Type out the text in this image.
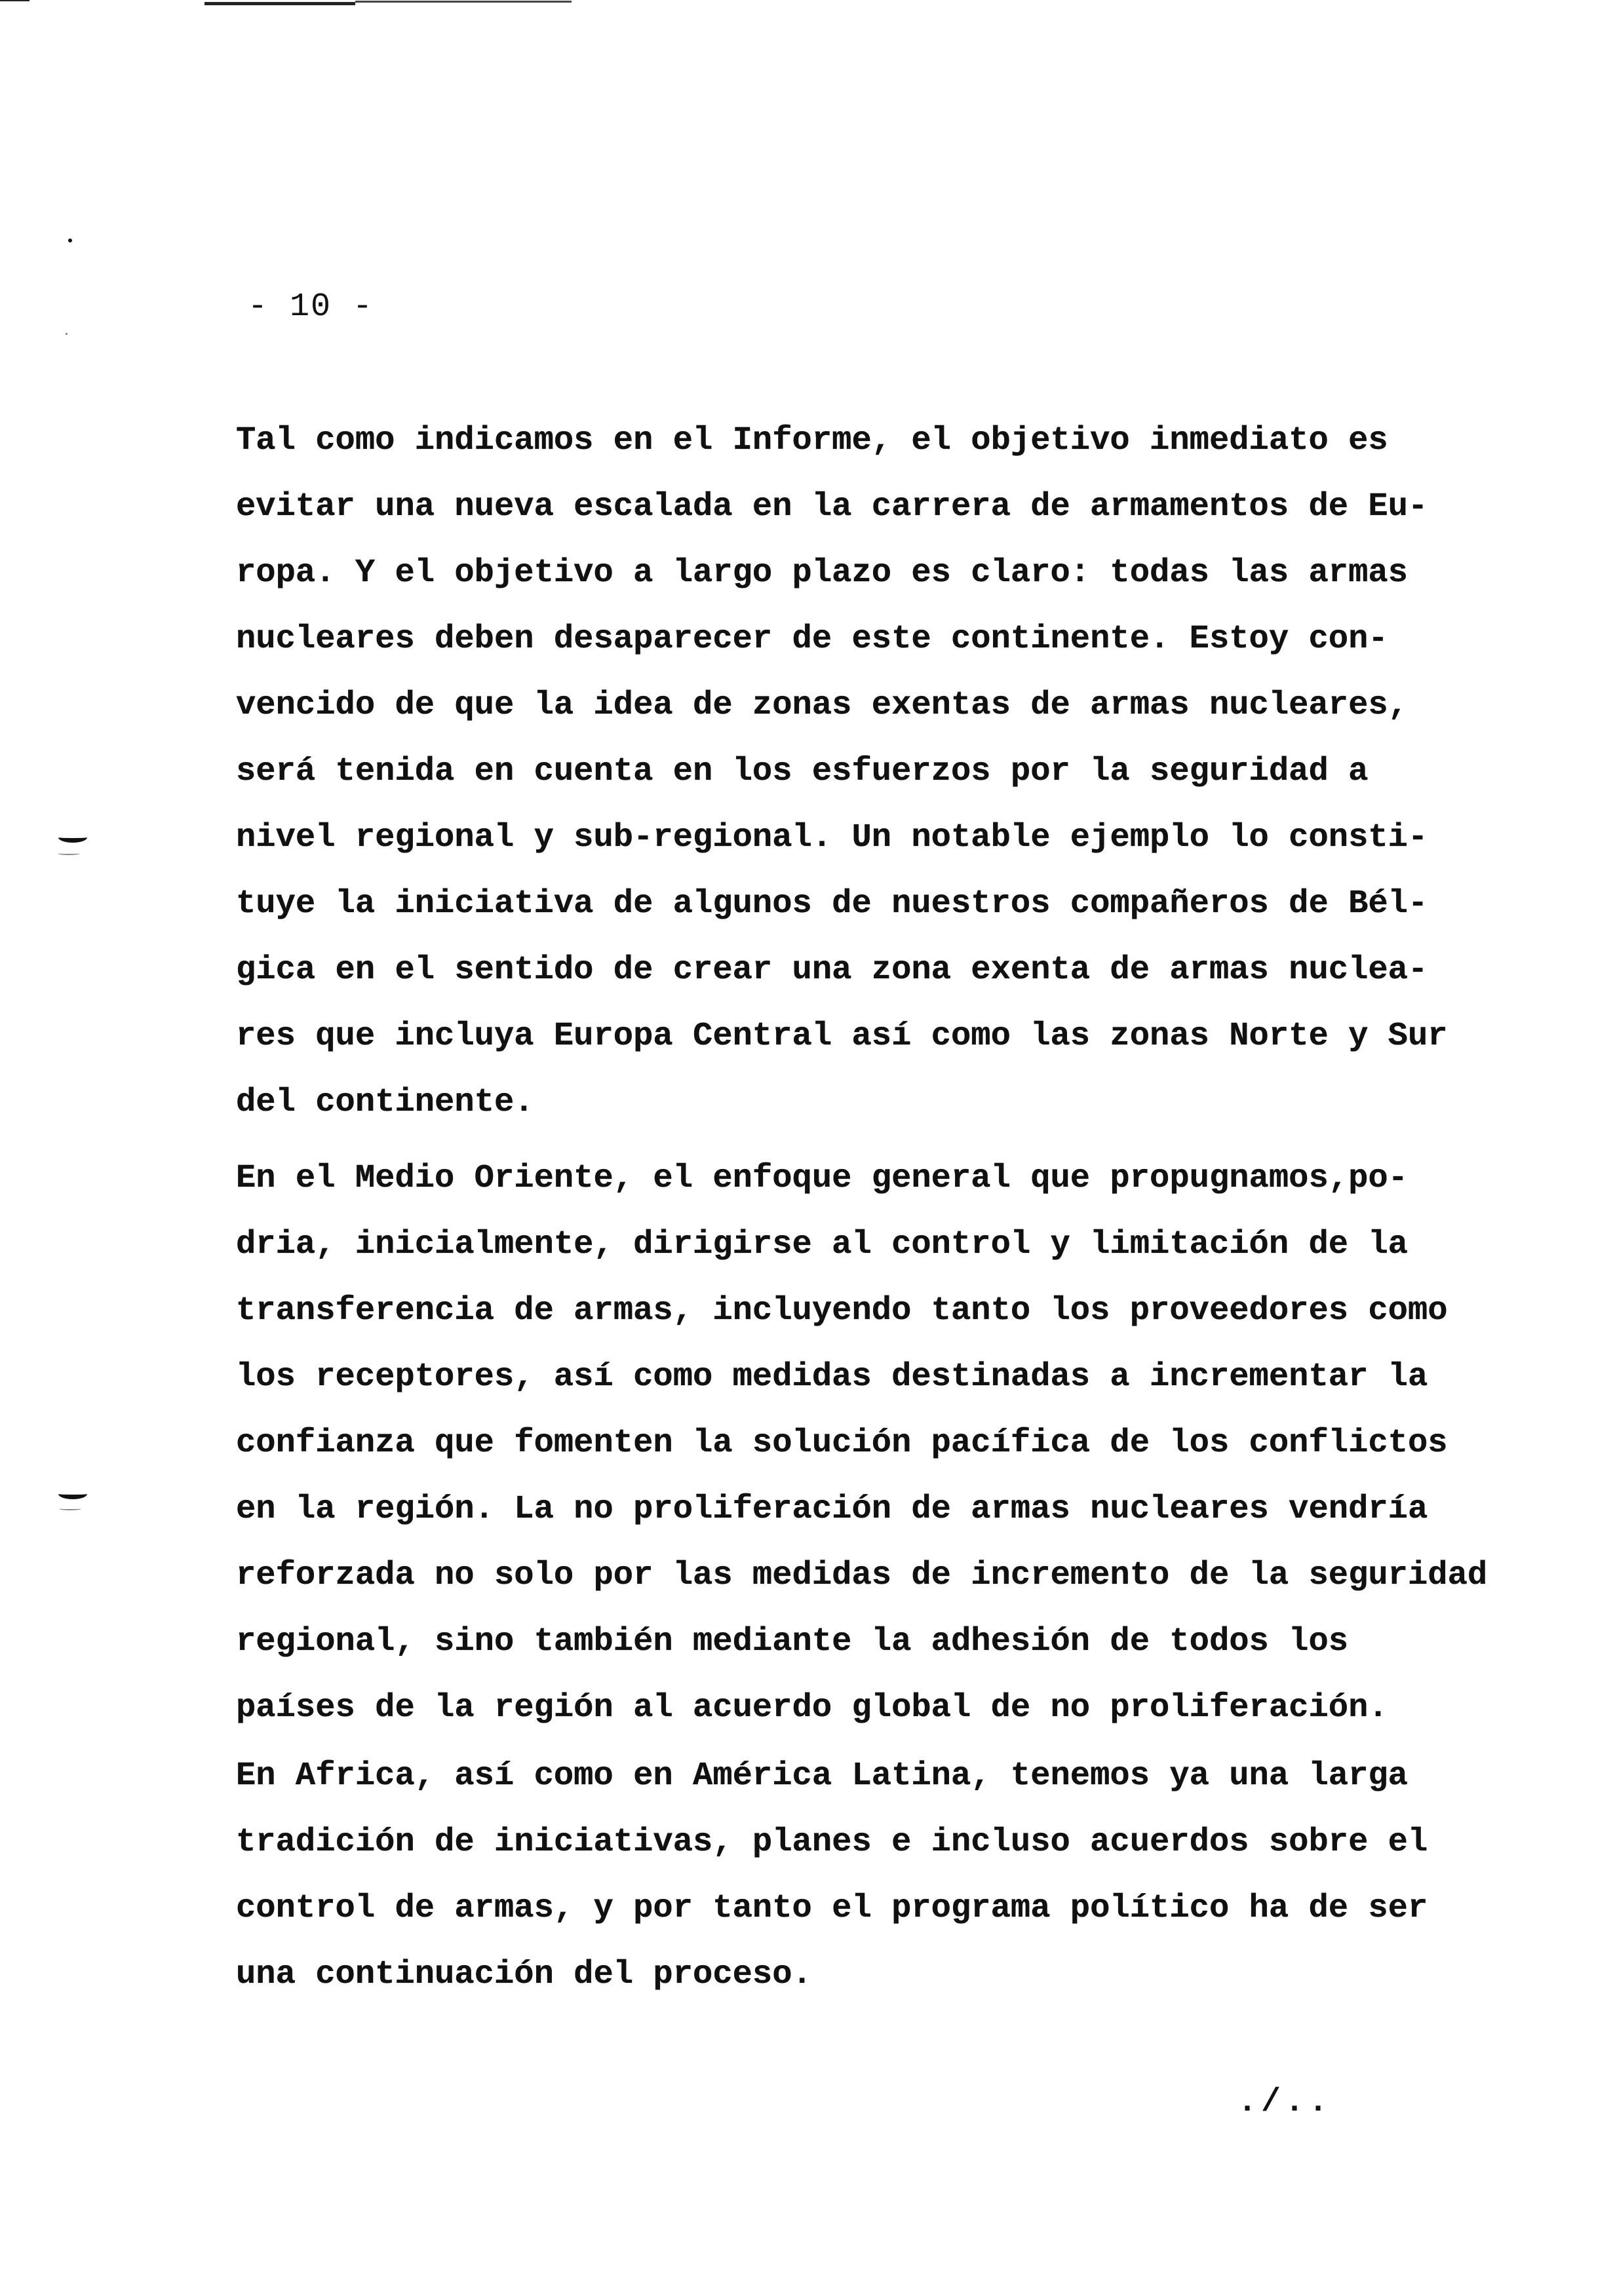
- 10 -
Tal como indicamos en el Informe, el objetivo inmediato es
evitar una nueva escalada en la carrera de armamentos de Eu-
ropa. Y el objetivo a largo plazo es claro: todas las armas
nucleares deben desaparecer de este continente. Estoy con-
vencido de que la idea de zonas exentas de armas nucleares,
será tenida en cuenta en los esfuerzos por la seguridad a
nivel regional y sub-regional. Un notable ejemplo lo consti-
tuye la iniciativa de algunos de nuestros compañeros de Bél-
gica en el sentido de crear una zona exenta de armas nuclea-
res que incluya Europa Central así como las zonas Norte y Sur
del continente.
En el Medio Oriente, el enfoque general que propugnamos,po-
dria, inicialmente, dirigirse al control y limitación de la
transferencia de armas, incluyendo tanto los proveedores como
los receptores, así como medidas destinadas a incrementar la
confianza que fomenten la solución pacífica de los conflictos
en la región. La no proliferación de armas nucleares vendría
reforzada no solo por las medidas de incremento de la seguridad
regional, sino también mediante la adhesión de todos los
países de la región al acuerdo global de no proliferación.
En Africa, así como en América Latina, tenemos ya una larga
tradición de iniciativas, planes e incluso acuerdos sobre el
control de armas, y por tanto el programa político ha de ser
una continuación del proceso.
./..
